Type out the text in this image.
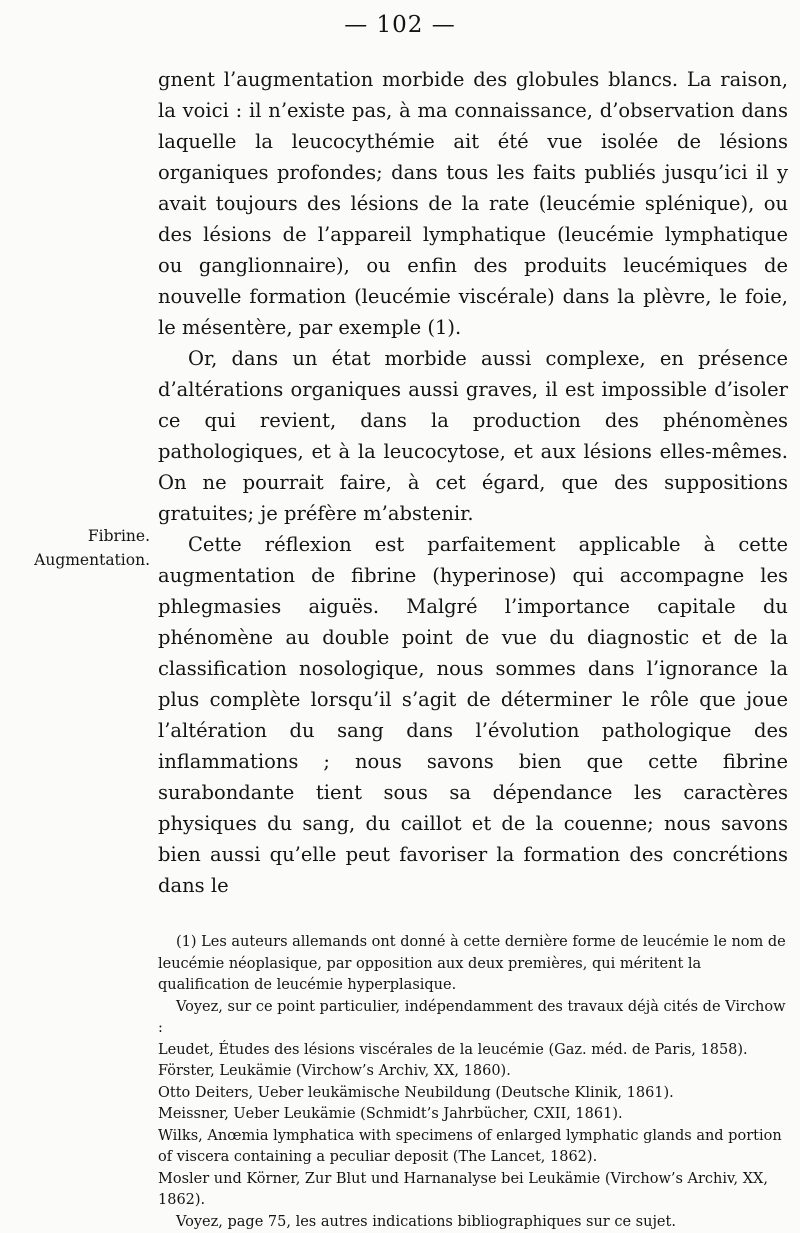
— 102 —
Fibrine.
Augmentation.

gnent l’augmentation morbide des globules blancs. La raison, la voici : il n’existe pas, à ma connaissance, d’observation dans laquelle la leucocythémie ait été vue isolée de lésions organiques profondes; dans tous les faits publiés jusqu’ici il y avait toujours des lésions de la rate (leucémie splénique), ou des lésions de l’appareil lymphatique (leucémie lymphatique ou ganglionnaire), ou enfin des produits leucémiques de nouvelle formation (leucémie viscérale) dans la plèvre, le foie, le mésentère, par exemple (1).

Or, dans un état morbide aussi complexe, en présence d’altérations organiques aussi graves, il est impossible d’isoler ce qui revient, dans la production des phénomènes pathologiques, et à la leucocytose, et aux lésions elles-mêmes. On ne pourrait faire, à cet égard, que des suppositions gratuites; je préfère m’abstenir.

Cette réflexion est parfaitement applicable à cette augmentation de fibrine (hyperinose) qui accompagne les phlegmasies aiguës. Malgré l’importance capitale du phénomène au double point de vue du diagnostic et de la classification nosologique, nous sommes dans l’ignorance la plus complète lorsqu’il s’agit de déterminer le rôle que joue l’altération du sang dans l’évolution pathologique des inflammations ; nous savons bien que cette fibrine surabondante tient sous sa dépendance les caractères physiques du sang, du caillot et de la couenne; nous savons bien aussi qu’elle peut favoriser la formation des concrétions dans le

(1) Les auteurs allemands ont donné à cette dernière forme de leucémie le nom de leucémie néoplasique, par opposition aux deux premières, qui méritent la qualification de leucémie hyperplasique.

Voyez, sur ce point particulier, indépendamment des travaux déjà cités de Virchow :

Leudet, Études des lésions viscérales de la leucémie (Gaz. méd. de Paris, 1858).

Förster, Leukämie (Virchow’s Archiv, XX, 1860).

Otto Deiters, Ueber leukämische Neubildung (Deutsche Klinik, 1861).

Meissner, Ueber Leukämie (Schmidt’s Jahrbücher, CXII, 1861).

Wilks, Anœmia lymphatica with specimens of enlarged lymphatic glands and portion of viscera containing a peculiar deposit (The Lancet, 1862).

Mosler und Körner, Zur Blut und Harnanalyse bei Leukämie (Virchow’s Archiv, XX, 1862).

Voyez, page 75, les autres indications bibliographiques sur ce sujet.
